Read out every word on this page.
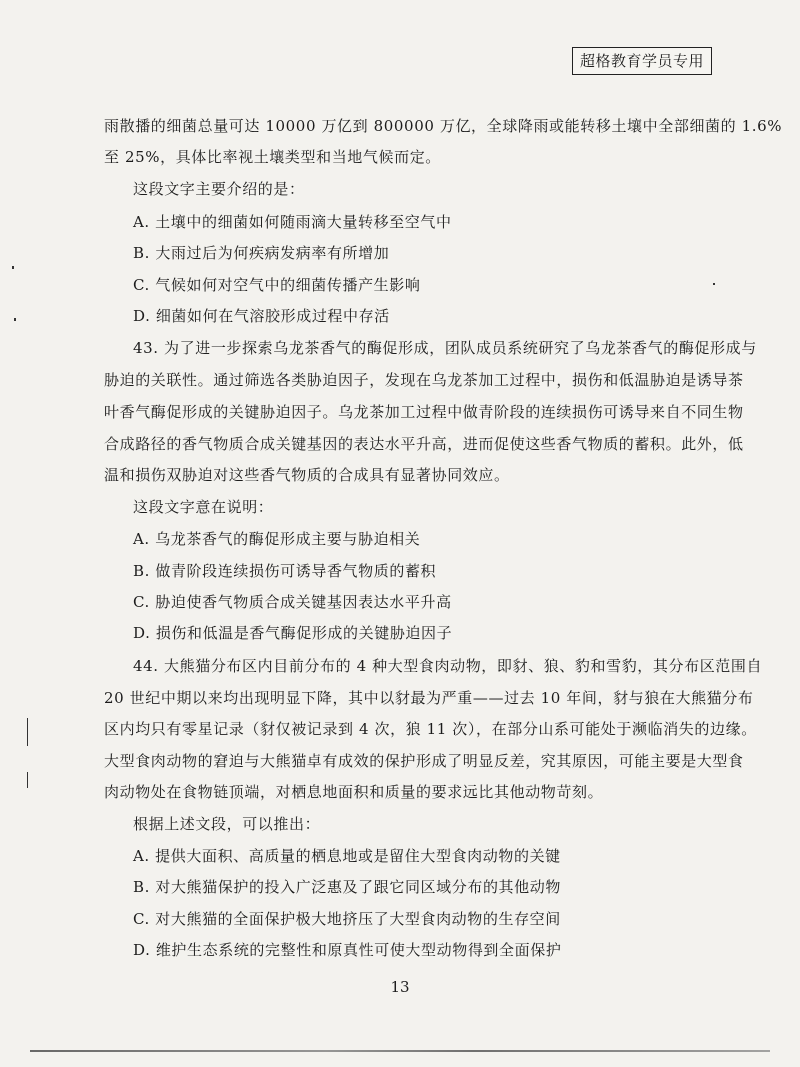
超格教育学员专用
雨散播的细菌总量可达 10000 万亿到 800000 万亿，全球降雨或能转移土壤中全部细菌的 1.6%
至 25%，具体比率视土壤类型和当地气候而定。
这段文字主要介绍的是：
A. 土壤中的细菌如何随雨滴大量转移至空气中
B. 大雨过后为何疾病发病率有所增加
C. 气候如何对空气中的细菌传播产生影响
D. 细菌如何在气溶胶形成过程中存活
43. 为了进一步探索乌龙茶香气的酶促形成，团队成员系统研究了乌龙茶香气的酶促形成与
胁迫的关联性。通过筛选各类胁迫因子，发现在乌龙茶加工过程中，损伤和低温胁迫是诱导茶
叶香气酶促形成的关键胁迫因子。乌龙茶加工过程中做青阶段的连续损伤可诱导来自不同生物
合成路径的香气物质合成关键基因的表达水平升高，进而促使这些香气物质的蓄积。此外，低
温和损伤双胁迫对这些香气物质的合成具有显著协同效应。
这段文字意在说明：
A. 乌龙茶香气的酶促形成主要与胁迫相关
B. 做青阶段连续损伤可诱导香气物质的蓄积
C. 胁迫使香气物质合成关键基因表达水平升高
D. 损伤和低温是香气酶促形成的关键胁迫因子
44. 大熊猫分布区内目前分布的 4 种大型食肉动物，即豺、狼、豹和雪豹，其分布区范围自
20 世纪中期以来均出现明显下降，其中以豺最为严重——过去 10 年间，豺与狼在大熊猫分布
区内均只有零星记录（豺仅被记录到 4 次，狼 11 次），在部分山系可能处于濒临消失的边缘。
大型食肉动物的窘迫与大熊猫卓有成效的保护形成了明显反差，究其原因，可能主要是大型食
肉动物处在食物链顶端，对栖息地面积和质量的要求远比其他动物苛刻。
根据上述文段，可以推出：
A. 提供大面积、高质量的栖息地或是留住大型食肉动物的关键
B. 对大熊猫保护的投入广泛惠及了跟它同区域分布的其他动物
C. 对大熊猫的全面保护极大地挤压了大型食肉动物的生存空间
D. 维护生态系统的完整性和原真性可使大型动物得到全面保护
13
